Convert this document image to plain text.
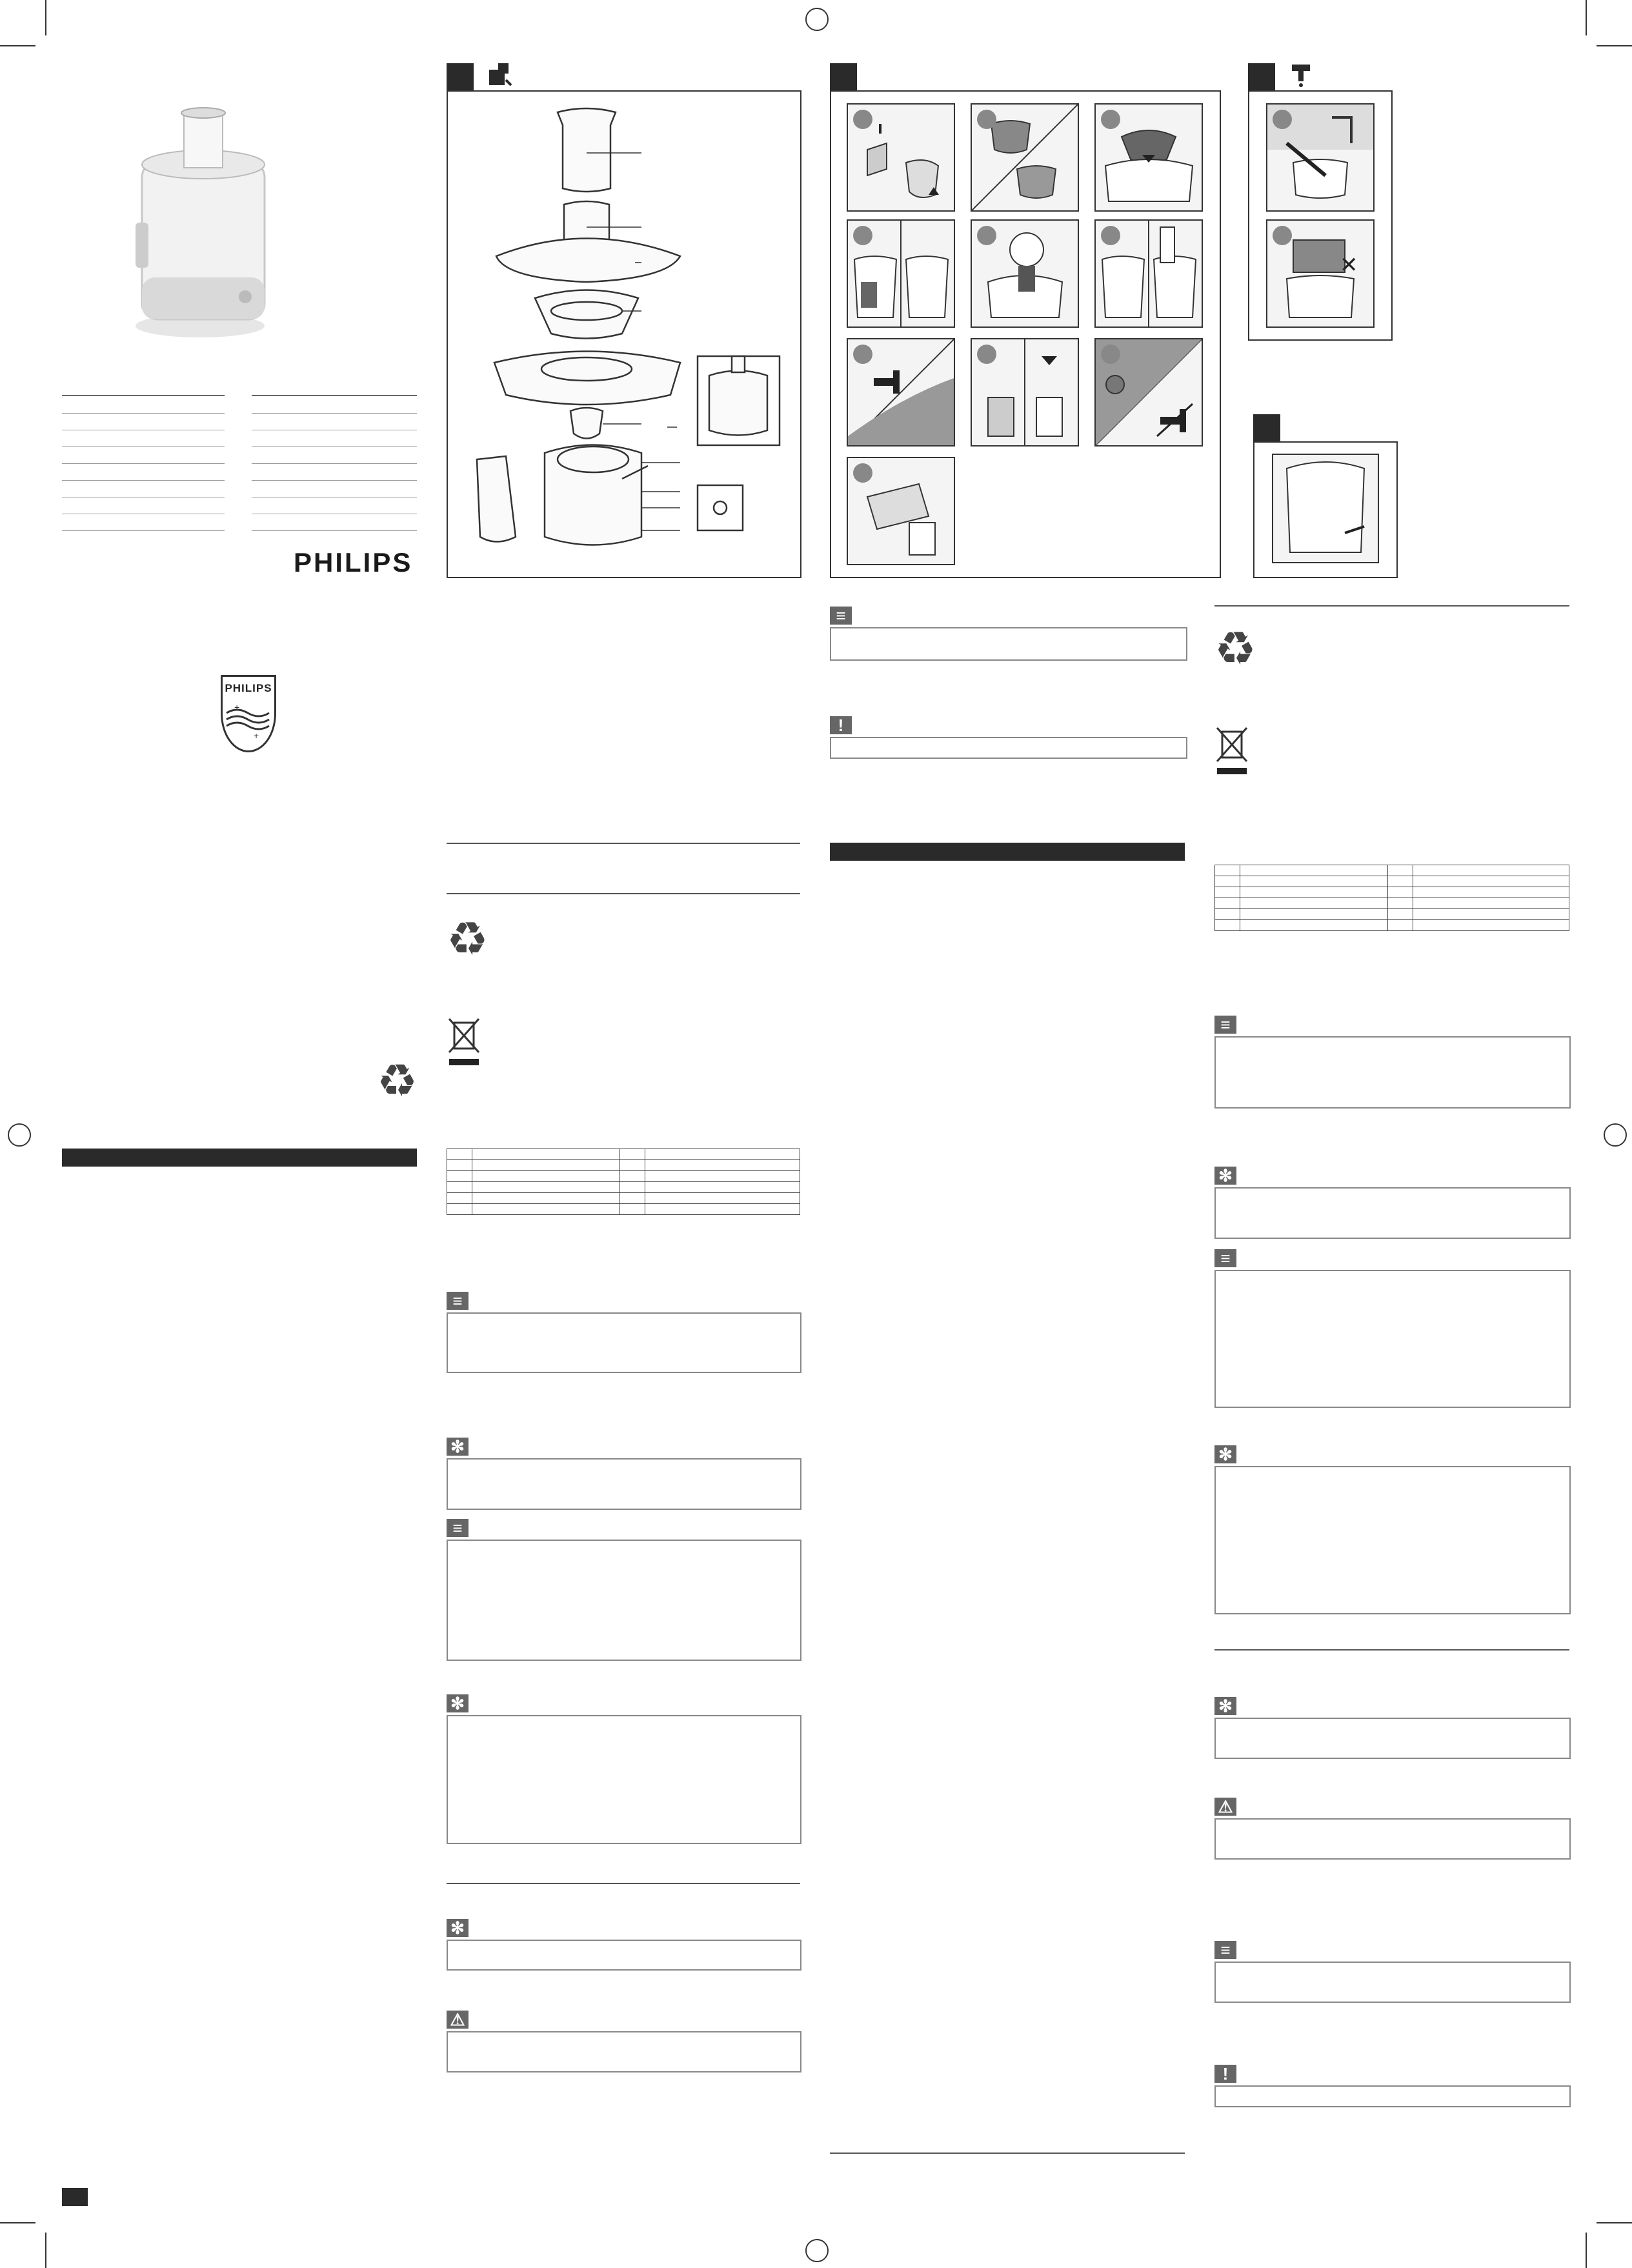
PHILIPS
PHILIPS
+
+
♻
♻

≡
✻
≡
✻
✻
⚠
≡
!
✕
♻

≡
✻
≡
✻
✻
⚠
≡
!
